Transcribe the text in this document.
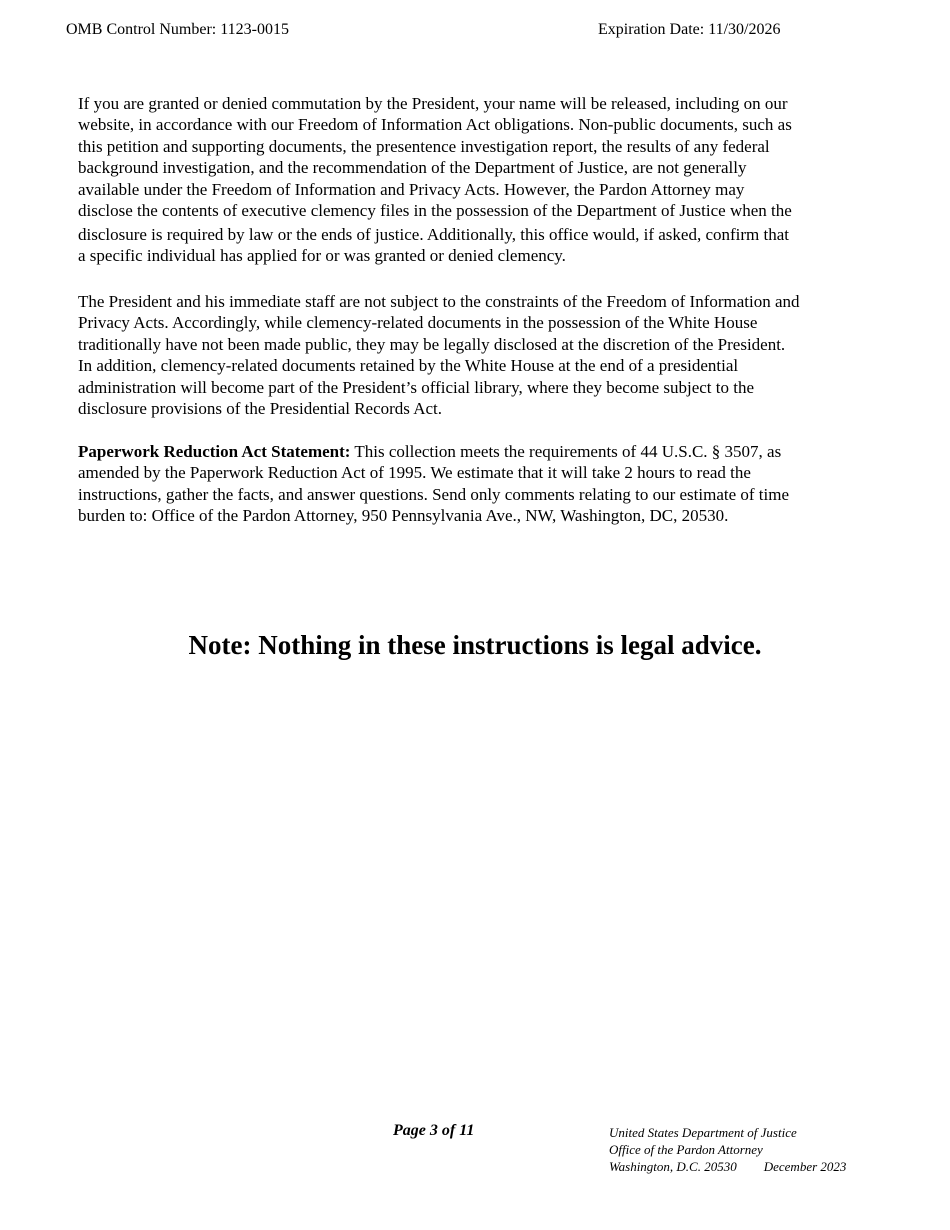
OMB Control Number: 1123-0015	Expiration Date: 11/30/2026

If you are granted or denied commutation by the President, your name will be released, including on our
website, in accordance with our Freedom of Information Act obligations. Non-public documents, such as
this petition and supporting documents, the presentence investigation report, the results of any federal
background investigation, and the recommendation of the Department of Justice, are not generally
available under the Freedom of Information and Privacy Acts. However, the Pardon Attorney may
disclose the contents of executive clemency files in the possession of the Department of Justice when the
disclosure is required by law or the ends of justice. Additionally, this office would, if asked, confirm that
a specific individual has applied for or was granted or denied clemency.

The President and his immediate staff are not subject to the constraints of the Freedom of Information and
Privacy Acts. Accordingly, while clemency-related documents in the possession of the White House
traditionally have not been made public, they may be legally disclosed at the discretion of the President.
In addition, clemency-related documents retained by the White House at the end of a presidential
administration will become part of the President’s official library, where they become subject to the
disclosure provisions of the Presidential Records Act.

Paperwork Reduction Act Statement: This collection meets the requirements of 44 U.S.C. § 3507, as
amended by the Paperwork Reduction Act of 1995. We estimate that it will take 2 hours to read the
instructions, gather the facts, and answer questions. Send only comments relating to our estimate of time
burden to: Office of the Pardon Attorney, 950 Pennsylvania Ave., NW, Washington, DC, 20530.

Note: Nothing in these instructions is legal advice.
Page 3 of 11	United States Department of Justice
Office of the Pardon Attorney
Washington, D.C. 20530 December 2023
